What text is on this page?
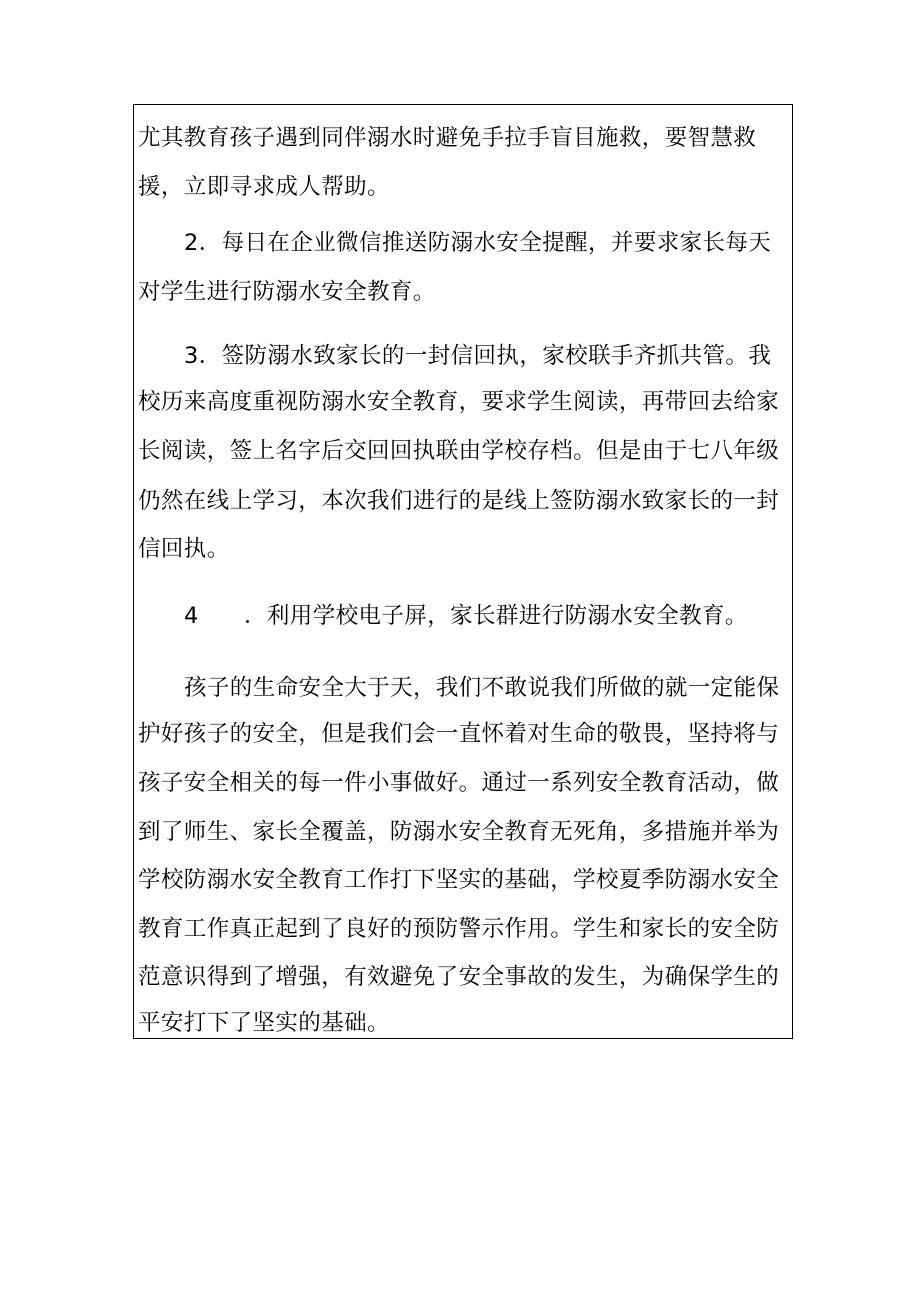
尤其教育孩子遇到同伴溺水时避免手拉手盲目施救，要智慧救

援，立即寻求成人帮助。

2．每日在企业微信推送防溺水安全提醒，并要求家长每天

对学生进行防溺水安全教育。

3．签防溺水致家长的一封信回执，家校联手齐抓共管。我

校历来高度重视防溺水安全教育，要求学生阅读，再带回去给家

长阅读，签上名字后交回回执联由学校存档。但是由于七八年级

仍然在线上学习，本次我们进行的是线上签防溺水致家长的一封

信回执。

4 ．利用学校电子屏，家长群进行防溺水安全教育。

孩子的生命安全大于天，我们不敢说我们所做的就一定能保

护好孩子的安全，但是我们会一直怀着对生命的敬畏，坚持将与

孩子安全相关的每一件小事做好。通过一系列安全教育活动，做

到了师生、家长全覆盖，防溺水安全教育无死角，多措施并举为

学校防溺水安全教育工作打下坚实的基础，学校夏季防溺水安全

教育工作真正起到了良好的预防警示作用。学生和家长的安全防

范意识得到了增强，有效避免了安全事故的发生，为确保学生的

平安打下了坚实的基础。
